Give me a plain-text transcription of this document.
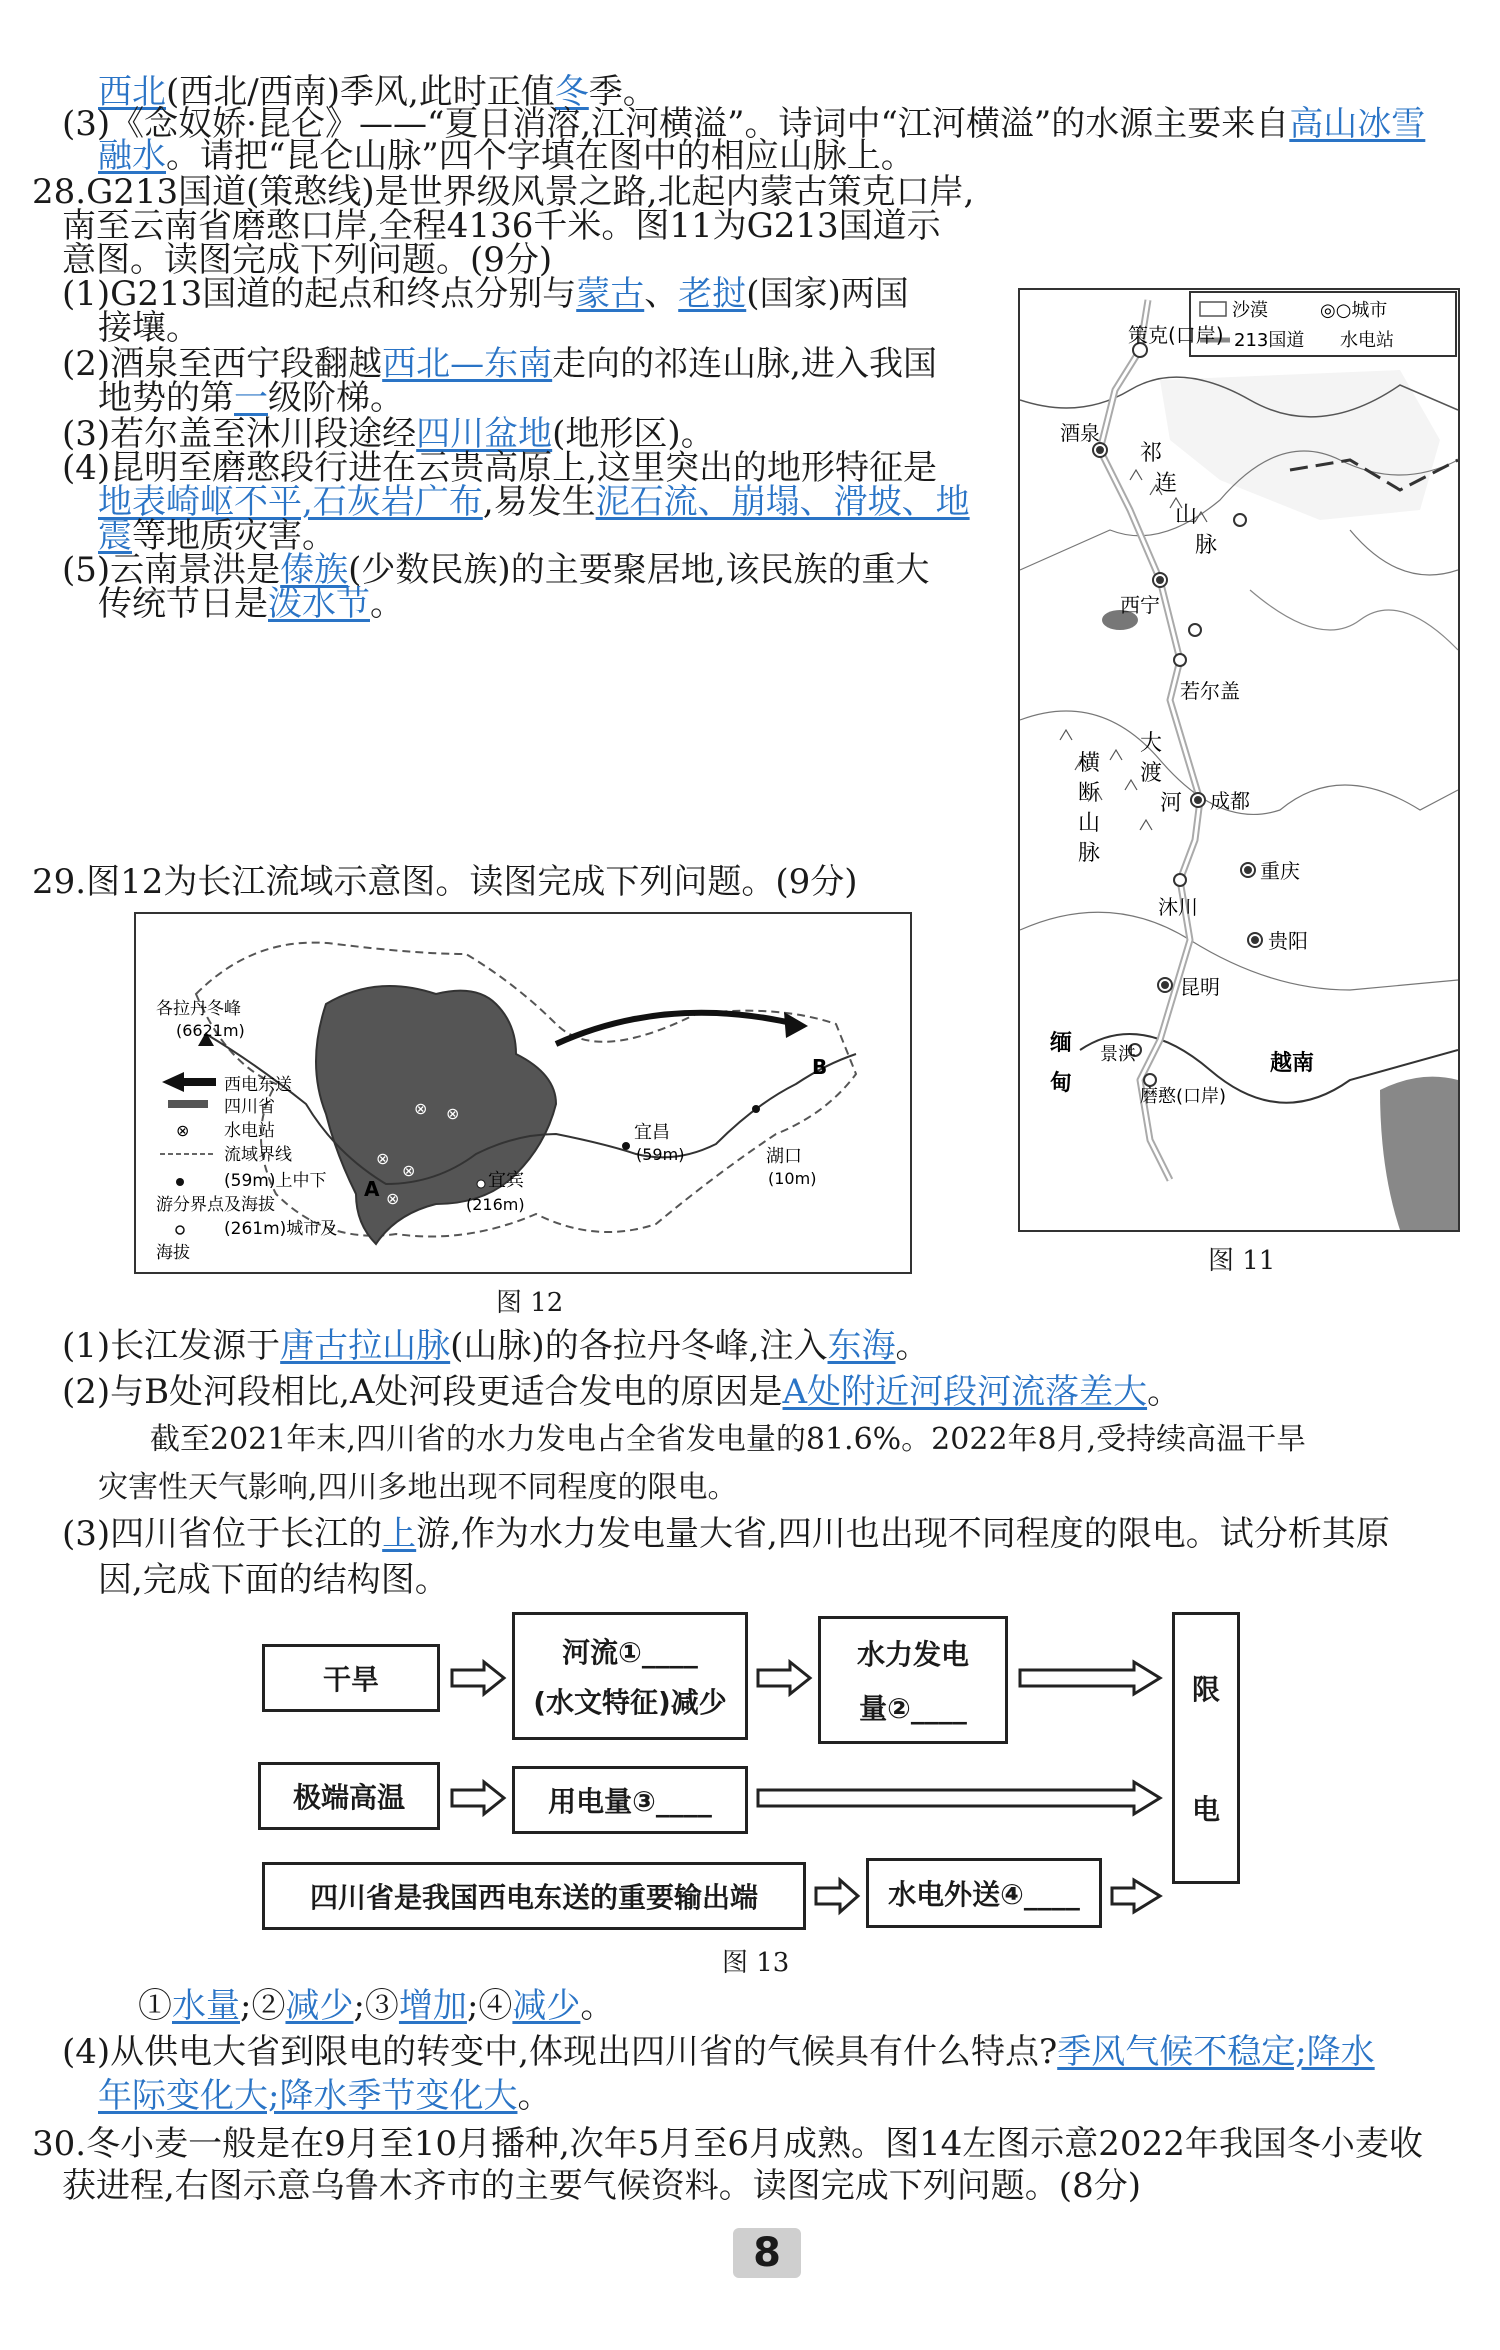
西北(西北/西南)季风,此时正值冬季。
(3)《念奴娇·昆仑》——“夏日消溶,江河横溢”。诗词中“江河横溢”的水源主要来自高山冰雪
融水。请把“昆仑山脉”四个字填在图中的相应山脉上。
28.G213国道(策憨线)是世界级风景之路,北起内蒙古策克口岸,
南至云南省磨憨口岸,全程4136千米。图11为G213国道示
意图。读图完成下列问题。(9分)
(1)G213国道的起点和终点分别与蒙古、老挝(国家)两国
接壤。
(2)酒泉至西宁段翻越西北—东南走向的祁连山脉,进入我国
地势的第一级阶梯。
(3)若尔盖至沐川段途经四川盆地(地形区)。
(4)昆明至磨憨段行进在云贵高原上,这里突出的地形特征是
地表崎岖不平,石灰岩广布,易发生泥石流、崩塌、滑坡、地
震等地质灾害。
(5)云南景洪是傣族(少数民族)的主要聚居地,该民族的重大
传统节日是泼水节。
沙漠	◎○城市
213国道 水电站
策克(口岸)
酒泉
祁
连
山
脉
西宁
若尔盖
大
渡
河 成都
横
断
山
脉
重庆
沐川
贵阳
昆明
缅
甸
景洪	越南
磨憨(口岸)
图 11
29.图12为长江流域示意图。读图完成下列问题。(9分)
西电东送
四川省
⊗ 水电站
流域界线
(59m)上中下
游分界点及海拔
(261m)城市及
海拔
各拉丹冬峰
(6621m)
⊗ ⊗
⊗
⊗
⊗
宜昌
(59m)	湖口
(10m)
宜宾
(216m)
A
B
图 12
(1)长江发源于唐古拉山脉(山脉)的各拉丹冬峰,注入东海。
(2)与B处河段相比,A处河段更适合发电的原因是A处附近河段河流落差大。
截至2021年末,四川省的水力发电占全省发电量的81.6%。2022年8月,受持续高温干旱
灾害性天气影响,四川多地出现不同程度的限电。
(3)四川省位于长江的上游,作为水力发电量大省,四川也出现不同程度的限电。试分析其原
因,完成下面的结构图。
干旱
河流①____
(水文特征)减少
水力发电
量②____
限
电
极端高温	用电量③____
四川省是我国西电东送的重要输出端	水电外送④____
图 13
①水量;②减少;③增加;④减少。
(4)从供电大省到限电的转变中,体现出四川省的气候具有什么特点?季风气候不稳定;降水
年际变化大;降水季节变化大。
30.冬小麦一般是在9月至10月播种,次年5月至6月成熟。图14左图示意2022年我国冬小麦收
获进程,右图示意乌鲁木齐市的主要气候资料。读图完成下列问题。(8分)
8
